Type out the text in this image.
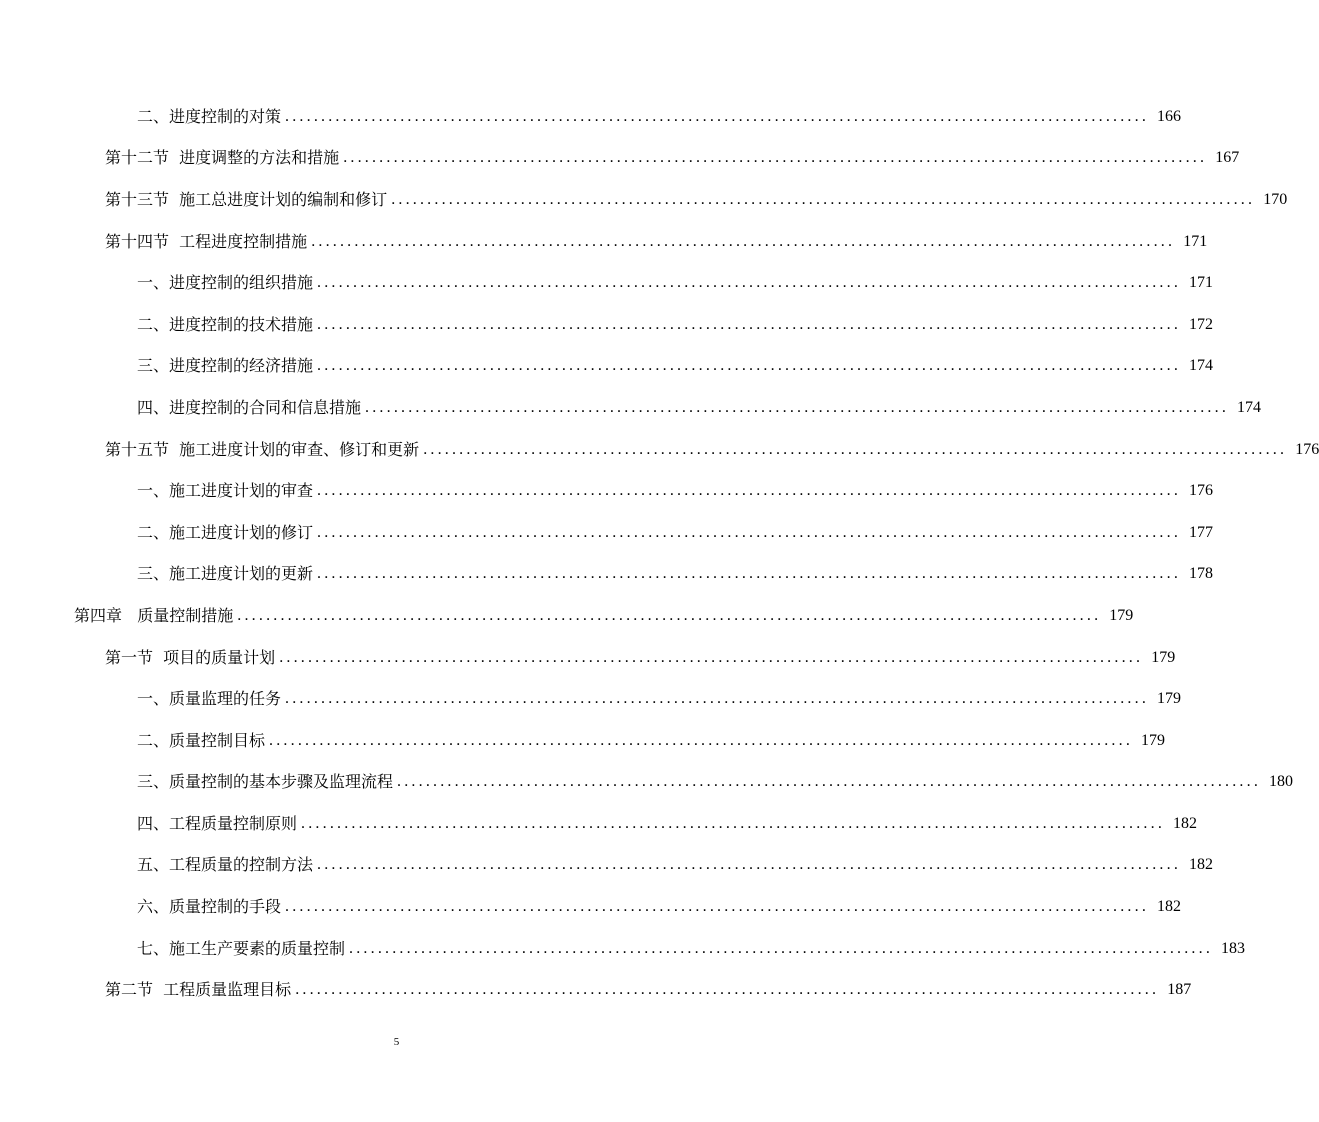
二、进度控制的对策 ........................................................................................................................ 166
第十二节  进度调整的方法和措施 ........................................................................................................................ 167
第十三节  施工总进度计划的编制和修订 ........................................................................................................................ 170
第十四节  工程进度控制措施 ........................................................................................................................ 171
一、进度控制的组织措施 ........................................................................................................................ 171
二、进度控制的技术措施 ........................................................................................................................ 172
三、进度控制的经济措施 ........................................................................................................................ 174
四、进度控制的合同和信息措施 ........................................................................................................................ 174
第十五节  施工进度计划的审查、修订和更新 ........................................................................................................................ 176
一、施工进度计划的审查 ........................................................................................................................ 176
二、施工进度计划的修订 ........................................................................................................................ 177
三、施工进度计划的更新 ........................................................................................................................ 178
第四章   质量控制措施 ........................................................................................................................ 179
第一节  项目的质量计划 ........................................................................................................................ 179
一、质量监理的任务 ........................................................................................................................ 179
二、质量控制目标 ........................................................................................................................ 179
三、质量控制的基本步骤及监理流程 ........................................................................................................................ 180
四、工程质量控制原则 ........................................................................................................................ 182
五、工程质量的控制方法 ........................................................................................................................ 182
六、质量控制的手段 ........................................................................................................................ 182
七、施工生产要素的质量控制 ........................................................................................................................ 183
第二节  工程质量监理目标 ........................................................................................................................ 187
5
